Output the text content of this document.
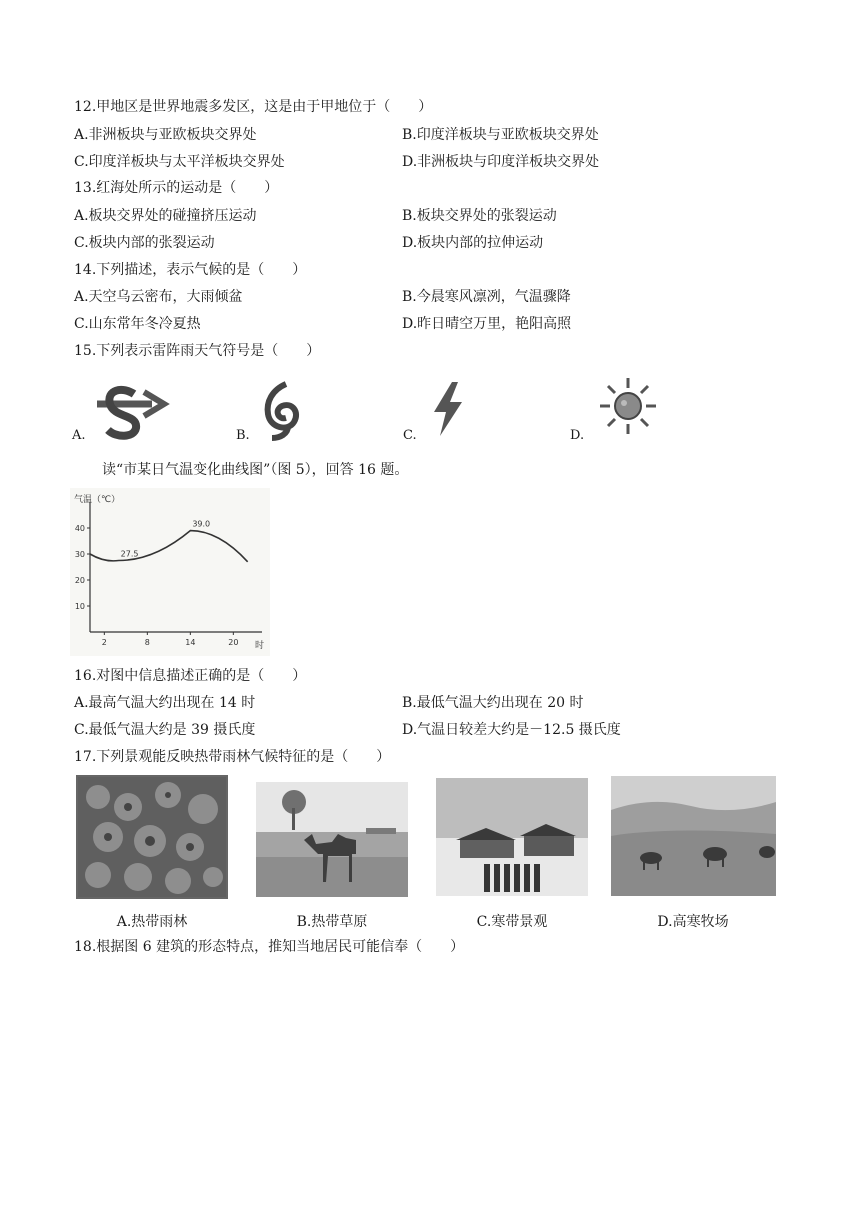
12.甲地区是世界地震多发区，这是由于甲地位于（　　）
A.非洲板块与亚欧板块交界处	B.印度洋板块与亚欧板块交界处
C.印度洋板块与太平洋板块交界处	D.非洲板块与印度洋板块交界处
13.红海处所示的运动是（　　）
A.板块交界处的碰撞挤压运动	B.板块交界处的张裂运动
C.板块内部的张裂运动	D.板块内部的拉伸运动
14.下列描述，表示气候的是（　　）
A.天空乌云密布，大雨倾盆	B.今晨寒风凛冽，气温骤降
C.山东常年冬冷夏热	D.昨日晴空万里，艳阳高照
15.下列表示雷阵雨天气符号是（　　）
A.	B.	C.	D.
读“市某日气温变化曲线图”（图 5），回答 16 题。
气温（℃）
时
10
20
30
40
2	8	14	20
27.5
39.0
16.对图中信息描述正确的是（　　）
A.最高气温大约出现在 14 时	B.最低气温大约出现在 20 时
C.最低气温大约是 39 摄氏度	D.气温日较差大约是－12.5 摄氏度
17.下列景观能反映热带雨林气候特征的是（　　）
A.热带雨林	B.热带草原	C.寒带景观	D.高寒牧场
18.根据图 6 建筑的形态特点，推知当地居民可能信奉（　　）
